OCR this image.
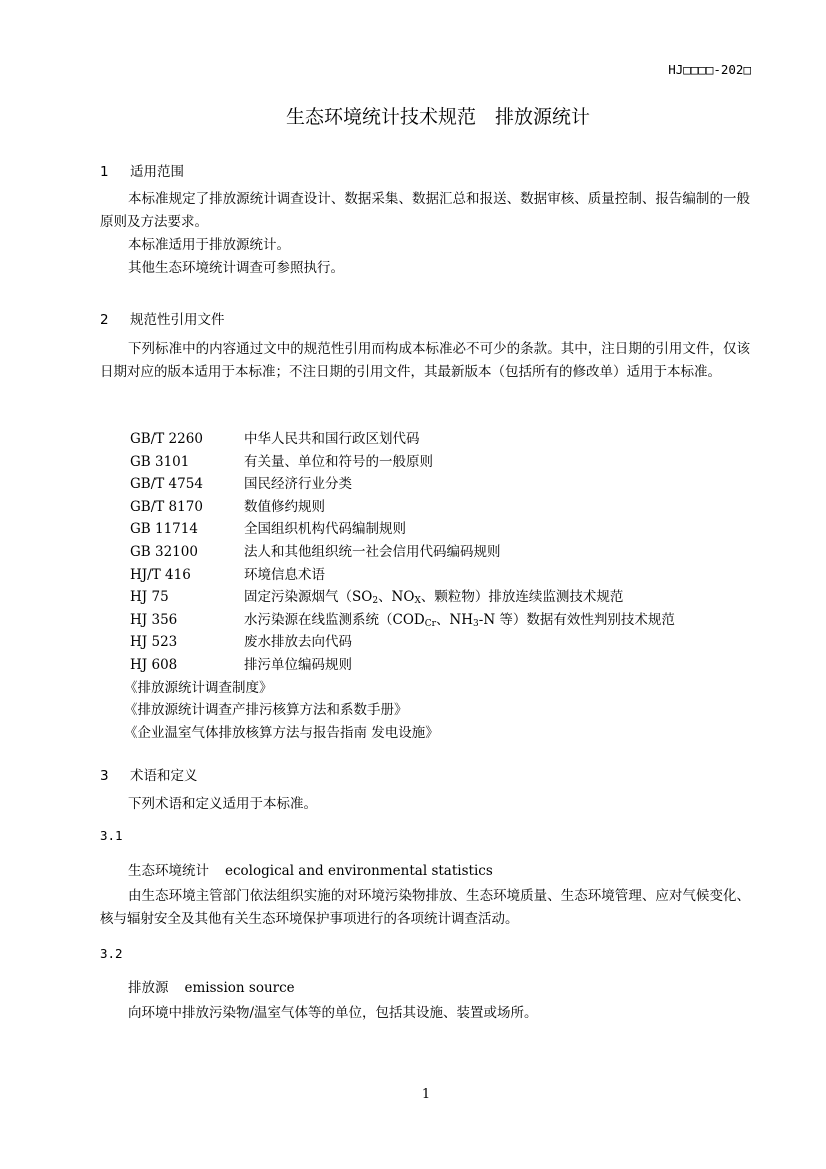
HJ□□□□-202□
生态环境统计技术规范　排放源统计
1 适用范围

本标准规定了排放源统计调查设计、数据采集、数据汇总和报送、数据审核、质量控制、报告编制的一般原则及方法要求。

本标准适用于排放源统计。

其他生态环境统计调查可参照执行。

2 规范性引用文件

下列标准中的内容通过文中的规范性引用而构成本标准必不可少的条款。其中，注日期的引用文件，仅该日期对应的版本适用于本标准；不注日期的引用文件，其最新版本（包括所有的修改单）适用于本标准。

GB/T 2260	中华人民共和国行政区划代码
GB 3101	有关量、单位和符号的一般原则
GB/T 4754	国民经济行业分类
GB/T 8170	数值修约规则
GB 11714	全国组织机构代码编制规则
GB 32100	法人和其他组织统一社会信用代码编码规则
HJ/T 416	环境信息术语
HJ 75	固定污染源烟气（$SO_2$、$NO_X$、颗粒物）排放连续监测技术规范
HJ 356	水污染源在线监测系统（$COD_{Cr}$、$NH_3-N$ 等）数据有效性判别技术规范
HJ 523	废水排放去向代码
HJ 608	排污单位编码规则
《排放源统计调查制度》
《排放源统计调查产排污核算方法和系数手册》
《企业温室气体排放核算方法与报告指南 发电设施》
3 术语和定义

下列术语和定义适用于本标准。

3.1
生态环境统计 ecological and environmental statistics

由生态环境主管部门依法组织实施的对环境污染物排放、生态环境质量、生态环境管理、应对气候变化、核与辐射安全及其他有关生态环境保护事项进行的各项统计调查活动。

3.2
排放源 emission source

向环境中排放污染物/温室气体等的单位，包括其设施、装置或场所。

1
